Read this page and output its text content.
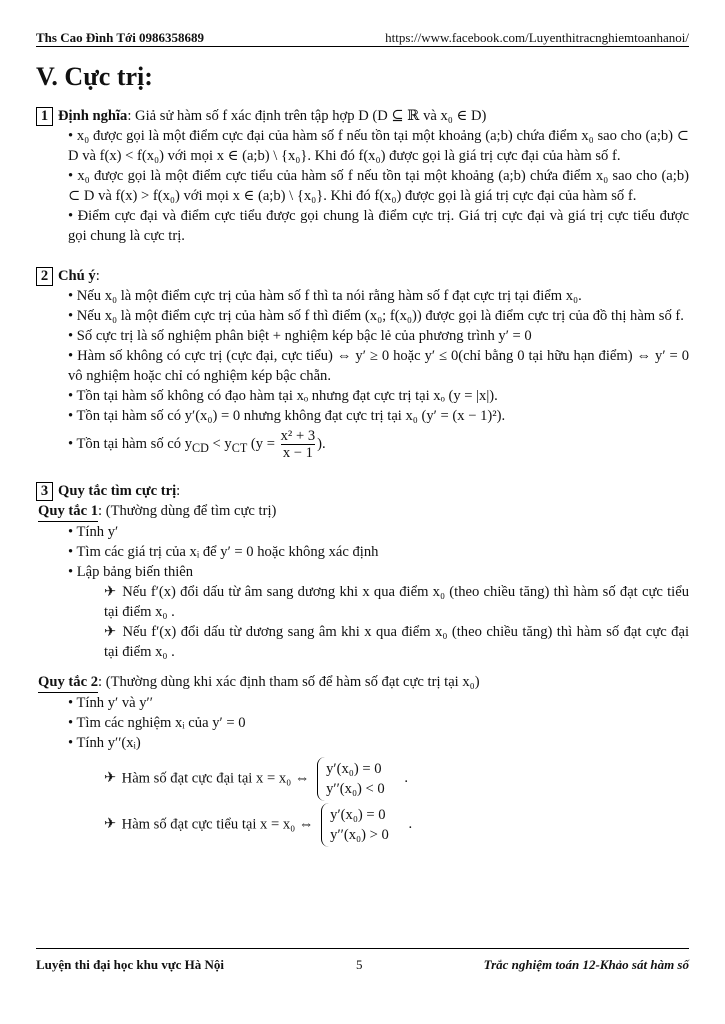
Ths Cao Đình Tới 0986358689	https://www.facebook.com/Luyenthitracnghiemtoanhanoi/
V. Cực trị:
1 Định nghĩa: Giả sử hàm số f xác định trên tập hợp D (D ⊆ ℝ và x₀ ∈ D)
• x₀ được gọi là một điểm cực đại của hàm số f nếu tồn tại một khoảng (a;b) chứa điểm x₀ sao cho (a;b) ⊂ D và f(x) < f(x₀) với mọi x ∈ (a;b) \ {x₀}. Khi đó f(x₀) được gọi là giá trị cực đại của hàm số f.
• x₀ được gọi là một điểm cực tiểu của hàm số f nếu tồn tại một khoảng (a;b) chứa điểm x₀ sao cho (a;b) ⊂ D và f(x) > f(x₀) với mọi x ∈ (a;b) \ {x₀}. Khi đó f(x₀) được gọi là giá trị cực đại của hàm số f.
• Điểm cực đại và điểm cực tiểu được gọi chung là điểm cực trị. Giá trị cực đại và giá trị cực tiểu được gọi chung là cực trị.
2 Chú ý:
• Nếu x₀ là một điểm cực trị của hàm số f thì ta nói rằng hàm số f đạt cực trị tại điểm x₀.
• Nếu x₀ là một điểm cực trị của hàm số f thì điểm (x₀; f(x₀)) được gọi là điểm cực trị của đồ thị hàm số f.
• Số cực trị là số nghiệm phân biệt + nghiệm kép bậc lẻ của phương trình y′ = 0
• Hàm số không có cực trị (cực đại, cực tiểu) ⇔ y′ ≥ 0 hoặc y′ ≤ 0(chỉ bằng 0 tại hữu hạn điểm) ⇔ y′ = 0 vô nghiệm hoặc chỉ có nghiệm kép bậc chẵn.
• Tồn tại hàm số không có đạo hàm tại xₒ nhưng đạt cực trị tại xₒ (y = |x|).
• Tồn tại hàm số có y′(x₀) = 0 nhưng không đạt cực trị tại x₀ (y′ = (x − 1)²).
• Tồn tại hàm số có $y_{CD} < y_{CT}$ ($y = \frac{\text{x² + 3}}{x - 1}$ ).
3 Quy tắc tìm cực trị:
Quy tắc 1: (Thường dùng để tìm cực trị)
• Tính y′
• Tìm các giá trị của xᵢ để y′ = 0 hoặc không xác định
• Lập bảng biến thiên
✈ Nếu f′(x) đổi dấu từ âm sang dương khi x qua điểm x₀ (theo chiều tăng) thì hàm số đạt cực tiểu tại điểm x₀ .
✈ Nếu f′(x) đổi dấu từ dương sang âm khi x qua điểm x₀ (theo chiều tăng) thì hàm số đạt cực đại tại điểm x₀ .
Quy tắc 2: (Thường dùng khi xác định tham số để hàm số đạt cực trị tại x₀)
• Tính y′ và y′′
• Tìm các nghiệm xᵢ của y′ = 0
• Tính y′′(xᵢ)
✈ Hàm số đạt cực đại tại x = x₀ ⇔
y′(x₀) = 0
y′′(x₀) < 0
.
✈ Hàm số đạt cực tiểu tại x = x₀ ⇔
y′(x₀) = 0
y′′(x₀) > 0
.
Luyện thi đại học khu vực Hà Nội	5	Trắc nghiệm toán 12-Khảo sát hàm số
